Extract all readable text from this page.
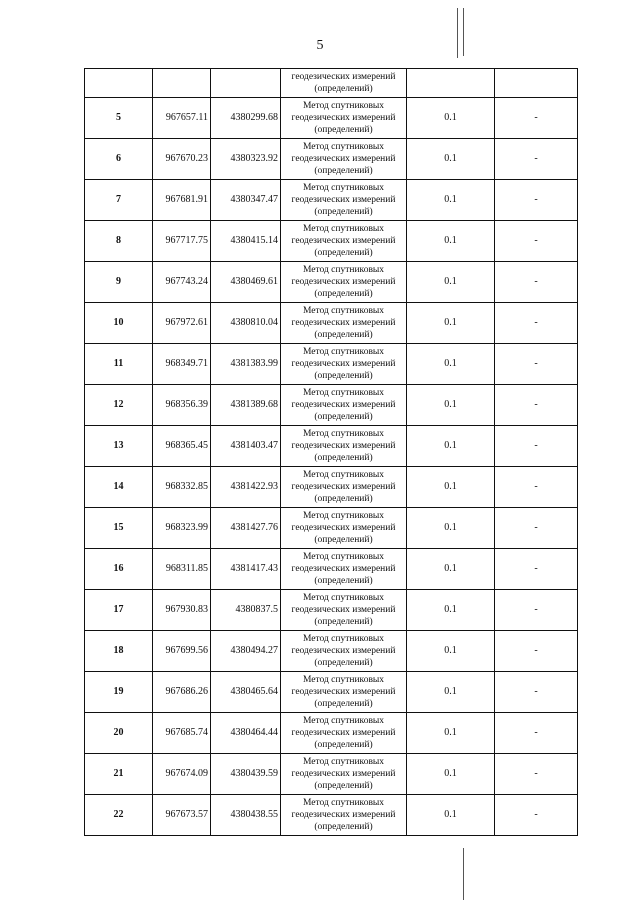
5

			геодезических измерений
(определений)		

5	967657.11	4380299.68	Метод спутниковых
геодезических измерений
(определений)	0.1	-
6	967670.23	4380323.92	Метод спутниковых
геодезических измерений
(определений)	0.1	-
7	967681.91	4380347.47	Метод спутниковых
геодезических измерений
(определений)	0.1	-
8	967717.75	4380415.14	Метод спутниковых
геодезических измерений
(определений)	0.1	-
9	967743.24	4380469.61	Метод спутниковых
геодезических измерений
(определений)	0.1	-
10	967972.61	4380810.04	Метод спутниковых
геодезических измерений
(определений)	0.1	-
11	968349.71	4381383.99	Метод спутниковых
геодезических измерений
(определений)	0.1	-
12	968356.39	4381389.68	Метод спутниковых
геодезических измерений
(определений)	0.1	-
13	968365.45	4381403.47	Метод спутниковых
геодезических измерений
(определений)	0.1	-
14	968332.85	4381422.93	Метод спутниковых
геодезических измерений
(определений)	0.1	-
15	968323.99	4381427.76	Метод спутниковых
геодезических измерений
(определений)	0.1	-
16	968311.85	4381417.43	Метод спутниковых
геодезических измерений
(определений)	0.1	-
17	967930.83	4380837.5	Метод спутниковых
геодезических измерений
(определений)	0.1	-
18	967699.56	4380494.27	Метод спутниковых
геодезических измерений
(определений)	0.1	-
19	967686.26	4380465.64	Метод спутниковых
геодезических измерений
(определений)	0.1	-
20	967685.74	4380464.44	Метод спутниковых
геодезических измерений
(определений)	0.1	-
21	967674.09	4380439.59	Метод спутниковых
геодезических измерений
(определений)	0.1	-
22	967673.57	4380438.55	Метод спутниковых
геодезических измерений
(определений)	0.1	-
